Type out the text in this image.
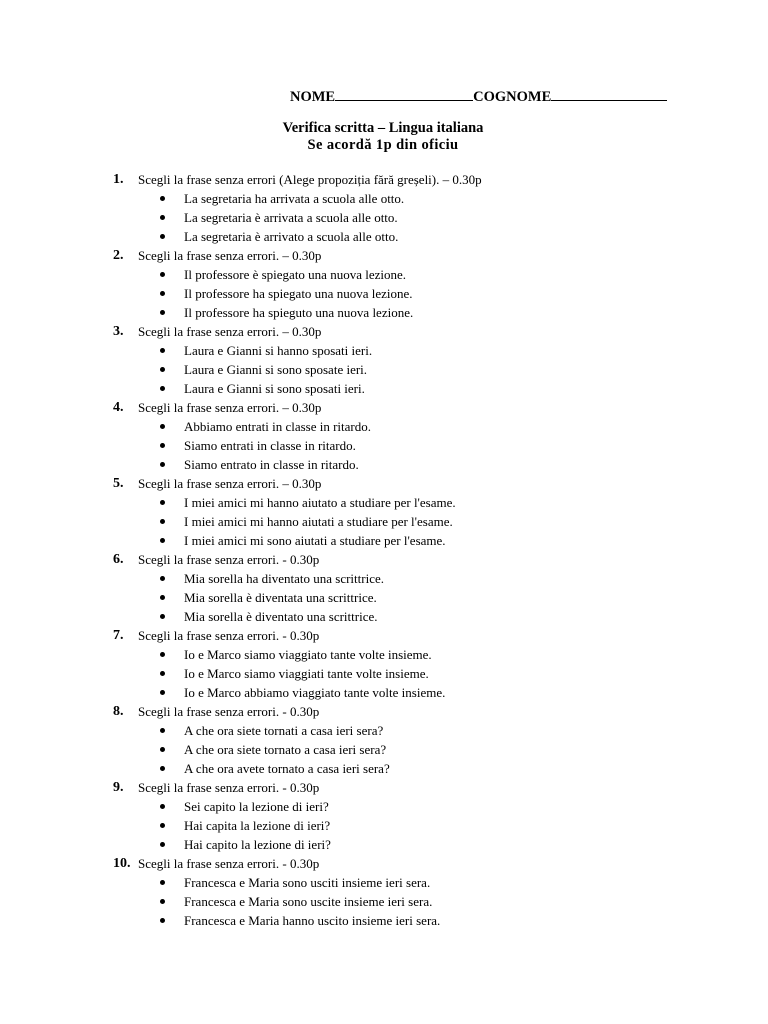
NOME	COGNOME
Verifica scritta – Lingua italiana
Se acordă 1p din oficiu
1.	Scegli la frase senza errori (Alege propoziția fără greșeli). – 0.30p
La segretaria ha arrivata a scuola alle otto.
La segretaria è arrivata a scuola alle otto.
La segretaria è arrivato a scuola alle otto.
2.	Scegli la frase senza errori. – 0.30p
Il professore è spiegato una nuova lezione.
Il professore ha spiegato una nuova lezione.
Il professore ha spieguto una nuova lezione.
3.	Scegli la frase senza errori. – 0.30p
Laura e Gianni si hanno sposati ieri.
Laura e Gianni si sono sposate ieri.
Laura e Gianni si sono sposati ieri.
4.	Scegli la frase senza errori. – 0.30p
Abbiamo entrati in classe in ritardo.
Siamo entrati in classe in ritardo.
Siamo entrato in classe in ritardo.
5.	Scegli la frase senza errori. – 0.30p
I miei amici mi hanno aiutato a studiare per l'esame.
I miei amici mi hanno aiutati a studiare per l'esame.
I miei amici mi sono aiutati a studiare per l'esame.
6.	Scegli la frase senza errori. - 0.30p
Mia sorella ha diventato una scrittrice.
Mia sorella è diventata una scrittrice.
Mia sorella è diventato una scrittrice.
7.	Scegli la frase senza errori. - 0.30p
Io e Marco siamo viaggiato tante volte insieme.
Io e Marco siamo viaggiati tante volte insieme.
Io e Marco abbiamo viaggiato tante volte insieme.
8.	Scegli la frase senza errori. - 0.30p
A che ora siete tornati a casa ieri sera?
A che ora siete tornato a casa ieri sera?
A che ora avete tornato a casa ieri sera?
9.	Scegli la frase senza errori. - 0.30p
Sei capito la lezione di ieri?
Hai capita la lezione di ieri?
Hai capito la lezione di ieri?
10. Scegli la frase senza errori. - 0.30p
Francesca e Maria sono usciti insieme ieri sera.
Francesca e Maria sono uscite insieme ieri sera.
Francesca e Maria hanno uscito insieme ieri sera.
